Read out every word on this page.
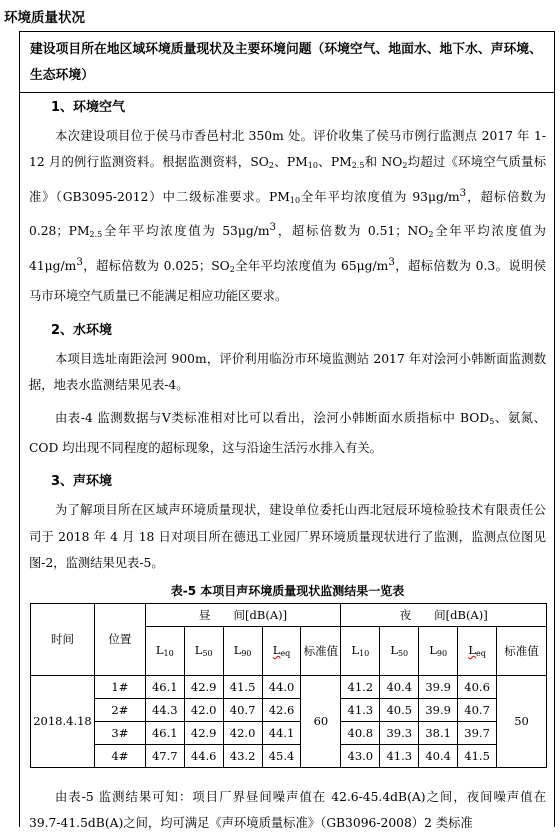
环境质量状况
建设项目所在地区域环境质量现状及主要环境问题（环境空气、地面水、地下水、声环境、生态环境）
1、环境空气

本次建设项目位于侯马市香邑村北 350m 处。评价收集了侯马市例行监测点 2017 年 1-12 月的例行监测资料。根据监测资料，$SO_2$、$PM_{10}$、$PM_{2.5}$和 $NO_2$均超过《环境空气质量标准》（GB3095-2012）中二级标准要求。$PM_{10}$全年平均浓度值为 $93\mu g/m^3$，超标倍数为 0.28；$PM_{2.5}$全年平均浓度值为 $53\mu g/m^3$，超标倍数为 0.51；$NO_2$全年平均浓度值为 $41\mu g/m^3$，超标倍数为 0.025；$SO_2$全年平均浓度值为 $65\mu g/m^3$，超标倍数为 0.3。说明侯马市环境空气质量已不能满足相应功能区要求。

2、水环境

本项目选址南距浍河 900m，评价利用临汾市环境监测站 2017 年对浍河小韩断面监测数据，地表水监测结果见表-4。

由表-4 监测数据与Ⅴ类标准相对比可以看出，浍河小韩断面水质指标中 $BOD_5$、氨氮、COD 均出现不同程度的超标现象，这与沿途生活污水排入有关。

3、声环境

为了解项目所在区域声环境质量现状，建设单位委托山西北冠辰环境检验技术有限责任公司于 2018 年 4 月 18 日对项目所在德迅工业园厂界环境质量现状进行了监测，监测点位图见图-2，监测结果见表-5。

表-5 本项目声环境质量现状监测结果一览表
时间	位置	昼　　间[dB(A)]					夜　　间[dB(A)]				
		$L_{10}$	$L_{50}$	$L_{90}$	$L_{eq}$	标准值	$L_{10}$	$L_{50}$	$L_{90}$	$L_{eq}$	标准值
2018.4.18	1#	46.1	42.9	41.5	44.0	60	41.2	40.4	39.9	40.6	50
	2#	44.3	42.0	40.7	42.6		41.3	40.5	39.9	40.7	
	3#	46.1	42.9	42.0	44.1		40.8	39.3	38.1	39.7	
	4#	47.7	44.6	43.2	45.4		43.0	41.3	40.4	41.5	

由表-5 监测结果可知：项目厂界昼间噪声值在 42.6-45.4dB(A)之间，夜间噪声值在 39.7-41.5dB(A)之间，均可满足《声环境质量标准》（GB3096-2008）2 类标准
